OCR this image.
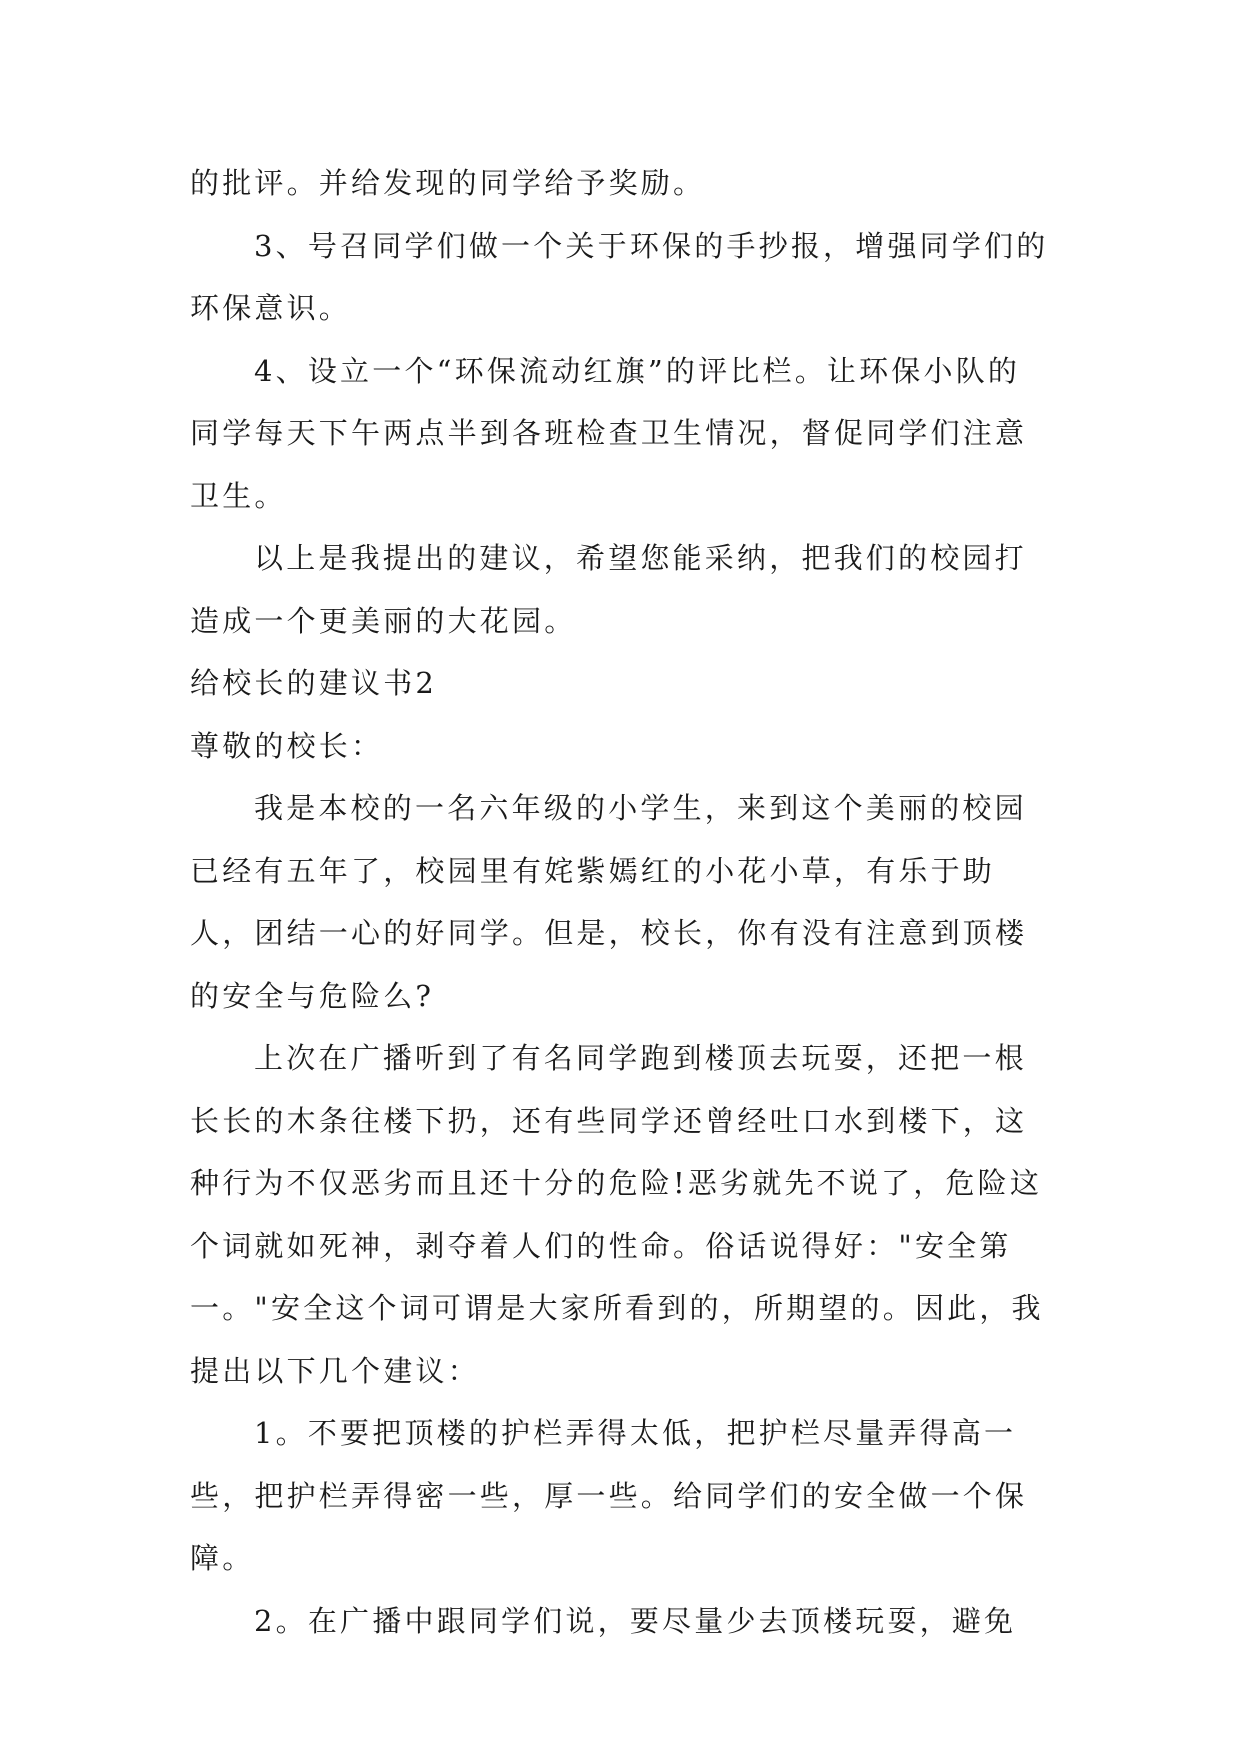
的批评。并给发现的同学给予奖励。

3、号召同学们做一个关于环保的手抄报，增强同学们的环保意识。

4、设立一个“环保流动红旗”的评比栏。让环保小队的同学每天下午两点半到各班检查卫生情况，督促同学们注意卫生。

以上是我提出的建议，希望您能采纳，把我们的校园打造成一个更美丽的大花园。

给校长的建议书2

尊敬的校长：

我是本校的一名六年级的小学生，来到这个美丽的校园已经有五年了，校园里有姹紫嫣红的小花小草，有乐于助人，团结一心的好同学。但是，校长，你有没有注意到顶楼的安全与危险么?

上次在广播听到了有名同学跑到楼顶去玩耍，还把一根长长的木条往楼下扔，还有些同学还曾经吐口水到楼下，这种行为不仅恶劣而且还十分的危险!恶劣就先不说了，危险这个词就如死神，剥夺着人们的性命。俗话说得好："安全第一。"安全这个词可谓是大家所看到的，所期望的。因此，我提出以下几个建议：

1。不要把顶楼的护栏弄得太低，把护栏尽量弄得高一些，把护栏弄得密一些，厚一些。给同学们的安全做一个保障。

2。在广播中跟同学们说，要尽量少去顶楼玩耍，避免
